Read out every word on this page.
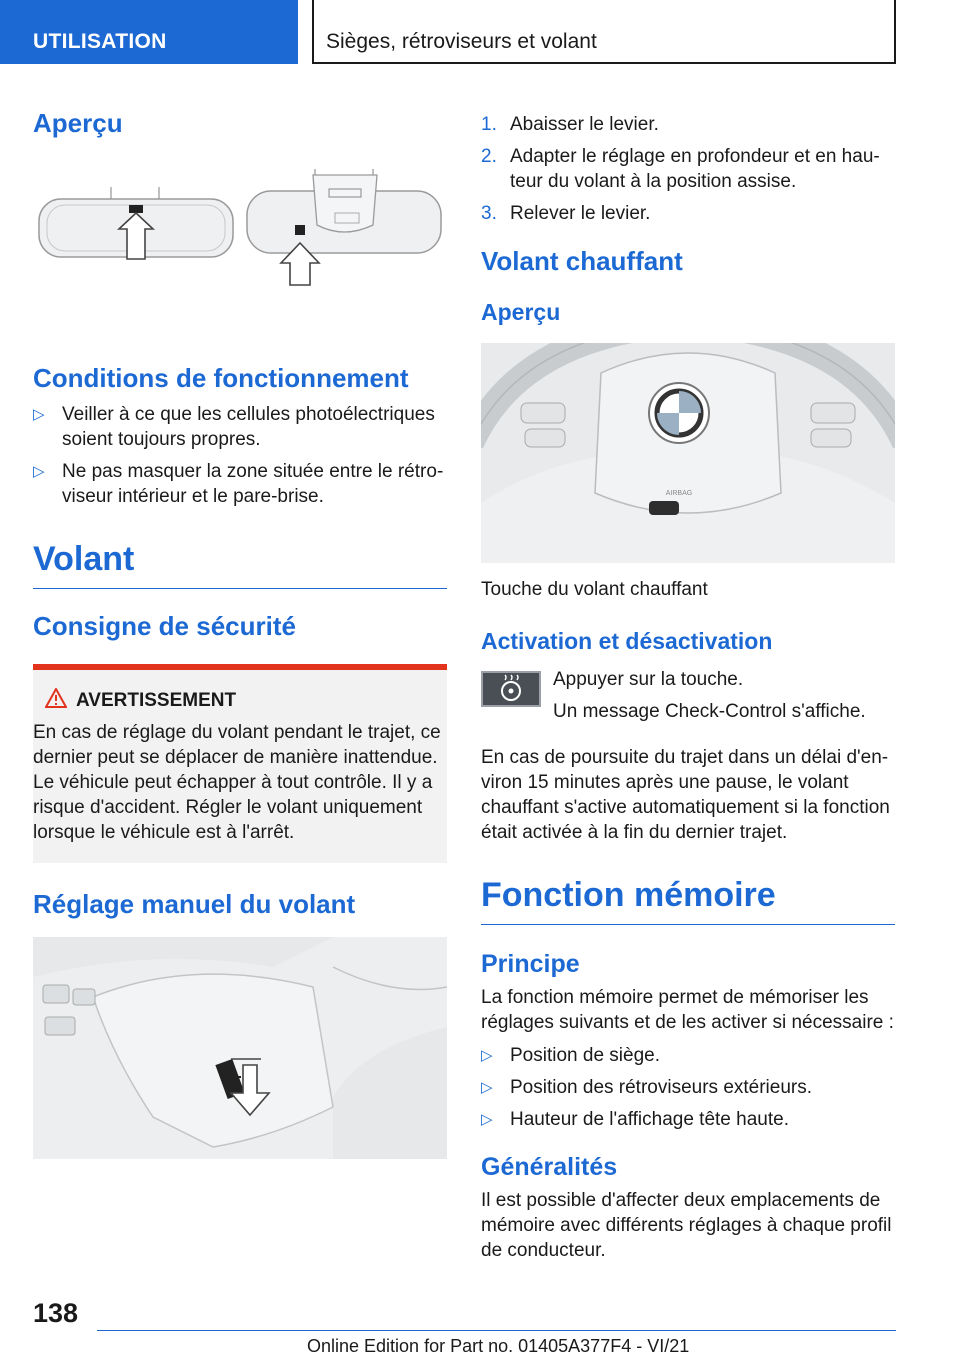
UTILISATION	Sièges, rétroviseurs et volant
Aperçu
Conditions de fonctionnement
▷ Veiller à ce que les cellules photoélectriques soient toujours propres.
▷ Ne pas masquer la zone située entre le rétroviseur intérieur et le pare-brise.
Volant
Consigne de sécurité
AVERTISSEMENT

En cas de réglage du volant pendant le trajet, ce dernier peut se déplacer de manière inattendue. Le véhicule peut échapper à tout contrôle. Il y a risque d'accident. Régler le volant uniquement lorsque le véhicule est à l'arrêt.

Réglage manuel du volant
1. Abaisser le levier.
2. Adapter le réglage en profondeur et en hauteur du volant à la position assise.
3. Relever le levier.
Volant chauffant
Aperçu
AIRBAG

Touche du volant chauffant

Activation et désactivation

Appuyer sur la touche.

Un message Check-Control s'affiche.

En cas de poursuite du trajet dans un délai d'environ 15 minutes après une pause, le volant chauffant s'active automatiquement si la fonction était activée à la fin du dernier trajet.

Fonction mémoire
Principe

La fonction mémoire permet de mémoriser les réglages suivants et de les activer si nécessaire :

▷ Position de siège.
▷ Position des rétroviseurs extérieurs.
▷ Hauteur de l'affichage tête haute.
Généralités

Il est possible d'affecter deux emplacements de mémoire avec différents réglages à chaque profil de conducteur.

138
Online Edition for Part no. 01405A377F4 - VI/21
